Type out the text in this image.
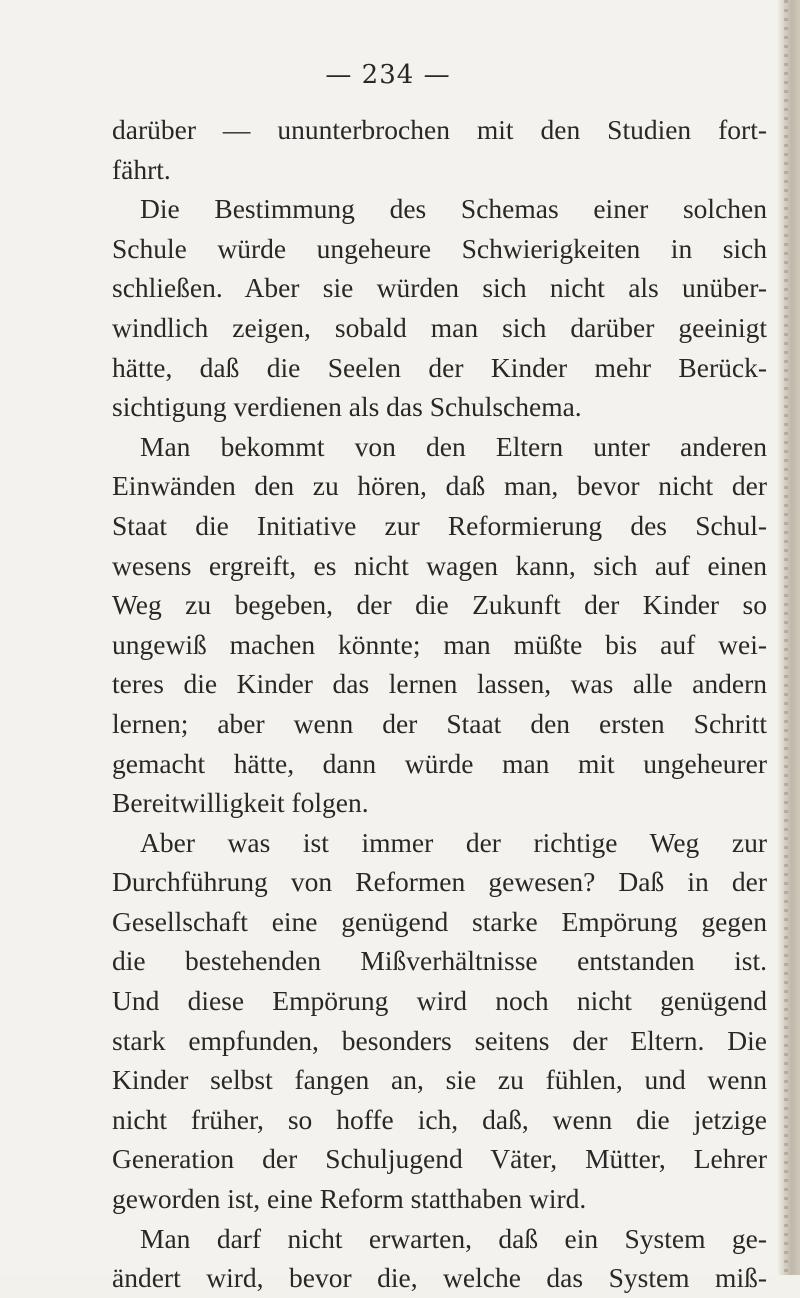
— 234 —
darüber — ununterbrochen mit den Studien fort-
fährt.
Die Bestimmung des Schemas einer solchen
Schule würde ungeheure Schwierigkeiten in sich
schließen. Aber sie würden sich nicht als unüber-
windlich zeigen, sobald man sich darüber geeinigt
hätte, daß die Seelen der Kinder mehr Berück-
sichtigung verdienen als das Schulschema.
Man bekommt von den Eltern unter anderen
Einwänden den zu hören, daß man, bevor nicht der
Staat die Initiative zur Reformierung des Schul-
wesens ergreift, es nicht wagen kann, sich auf einen
Weg zu begeben, der die Zukunft der Kinder so
ungewiß machen könnte; man müßte bis auf wei-
teres die Kinder das lernen lassen, was alle andern
lernen; aber wenn der Staat den ersten Schritt
gemacht hätte, dann würde man mit ungeheurer
Bereitwilligkeit folgen.
Aber was ist immer der richtige Weg zur
Durchführung von Reformen gewesen? Daß in der
Gesellschaft eine genügend starke Empörung gegen
die bestehenden Mißverhältnisse entstanden ist.
Und diese Empörung wird noch nicht genügend
stark empfunden, besonders seitens der Eltern. Die
Kinder selbst fangen an, sie zu fühlen, und wenn
nicht früher, so hoffe ich, daß, wenn die jetzige
Generation der Schuljugend Väter, Mütter, Lehrer
geworden ist, eine Reform statthaben wird.
Man darf nicht erwarten, daß ein System ge-
ändert wird, bevor die, welche das System miß-
